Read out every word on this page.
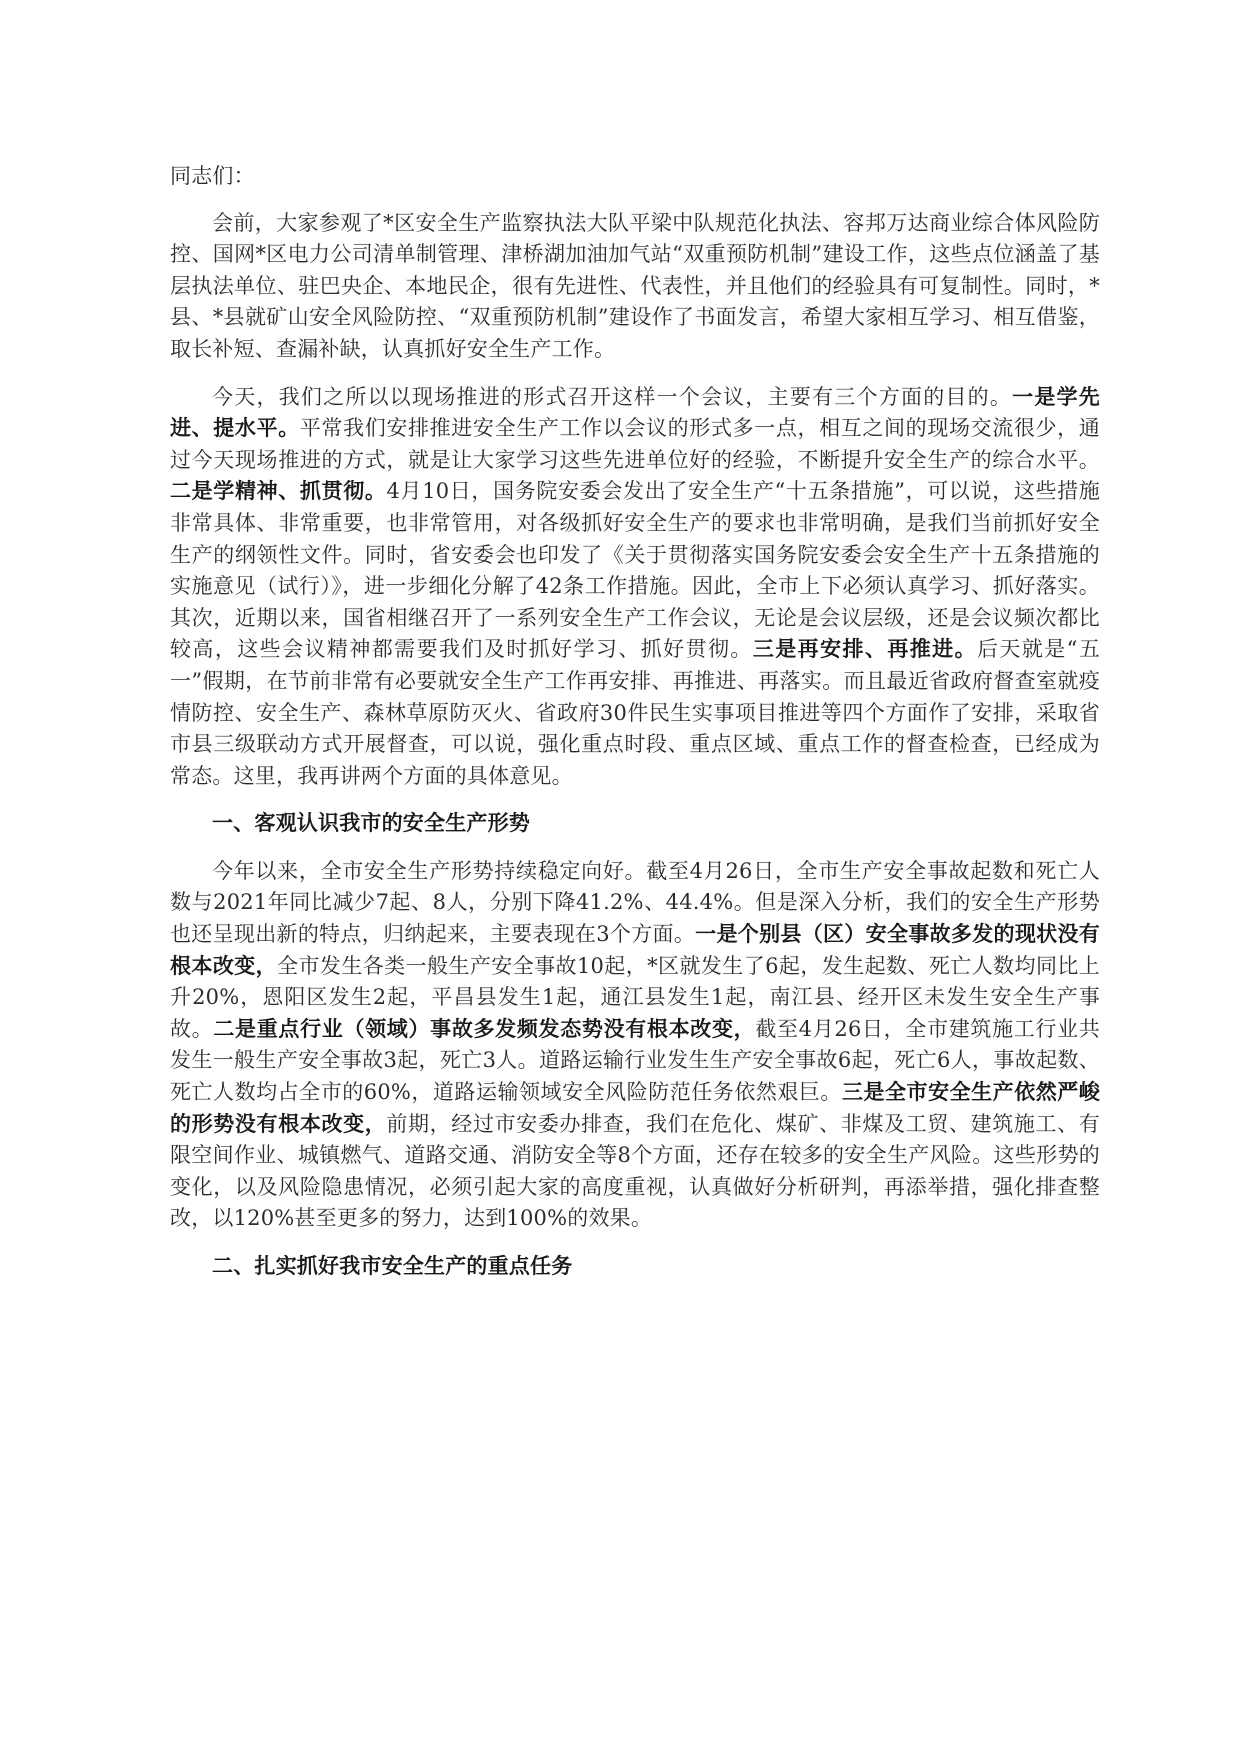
同志们：

会前，大家参观了*区安全生产监察执法大队平梁中队规范化执法、容邦万达商业综合体风险防控、国网*区电力公司清单制管理、津桥湖加油加气站“双重预防机制”建设工作，这些点位涵盖了基层执法单位、驻巴央企、本地民企，很有先进性、代表性，并且他们的经验具有可复制性。同时，*县、*县就矿山安全风险防控、“双重预防机制”建设作了书面发言，希望大家相互学习、相互借鉴，取长补短、查漏补缺，认真抓好安全生产工作。

今天，我们之所以以现场推进的形式召开这样一个会议，主要有三个方面的目的。一是学先进、提水平。平常我们安排推进安全生产工作以会议的形式多一点，相互之间的现场交流很少，通过今天现场推进的方式，就是让大家学习这些先进单位好的经验，不断提升安全生产的综合水平。二是学精神、抓贯彻。4月10日，国务院安委会发出了安全生产“十五条措施”，可以说，这些措施非常具体、非常重要，也非常管用，对各级抓好安全生产的要求也非常明确，是我们当前抓好安全生产的纲领性文件。同时，省安委会也印发了《关于贯彻落实国务院安委会安全生产十五条措施的实施意见（试行）》，进一步细化分解了42条工作措施。因此，全市上下必须认真学习、抓好落实。其次，近期以来，国省相继召开了一系列安全生产工作会议，无论是会议层级，还是会议频次都比较高，这些会议精神都需要我们及时抓好学习、抓好贯彻。三是再安排、再推进。后天就是“五一”假期，在节前非常有必要就安全生产工作再安排、再推进、再落实。而且最近省政府督查室就疫情防控、安全生产、森林草原防灭火、省政府30件民生实事项目推进等四个方面作了安排，采取省市县三级联动方式开展督查，可以说，强化重点时段、重点区域、重点工作的督查检查，已经成为常态。这里，我再讲两个方面的具体意见。

一、客观认识我市的安全生产形势

今年以来，全市安全生产形势持续稳定向好。截至4月26日，全市生产安全事故起数和死亡人数与2021年同比减少7起、8人，分别下降41.2%、44.4%。但是深入分析，我们的安全生产形势也还呈现出新的特点，归纳起来，主要表现在3个方面。一是个别县（区）安全事故多发的现状没有根本改变，全市发生各类一般生产安全事故10起，*区就发生了6起，发生起数、死亡人数均同比上升20%，恩阳区发生2起，平昌县发生1起，通江县发生1起，南江县、经开区未发生安全生产事故。二是重点行业（领域）事故多发频发态势没有根本改变，截至4月26日，全市建筑施工行业共发生一般生产安全事故3起，死亡3人。道路运输行业发生生产安全事故6起，死亡6人，事故起数、死亡人数均占全市的60%，道路运输领域安全风险防范任务依然艰巨。三是全市安全生产依然严峻的形势没有根本改变，前期，经过市安委办排查，我们在危化、煤矿、非煤及工贸、建筑施工、有限空间作业、城镇燃气、道路交通、消防安全等8个方面，还存在较多的安全生产风险。这些形势的变化，以及风险隐患情况，必须引起大家的高度重视，认真做好分析研判，再添举措，强化排查整改，以120%甚至更多的努力，达到100%的效果。

二、扎实抓好我市安全生产的重点任务
